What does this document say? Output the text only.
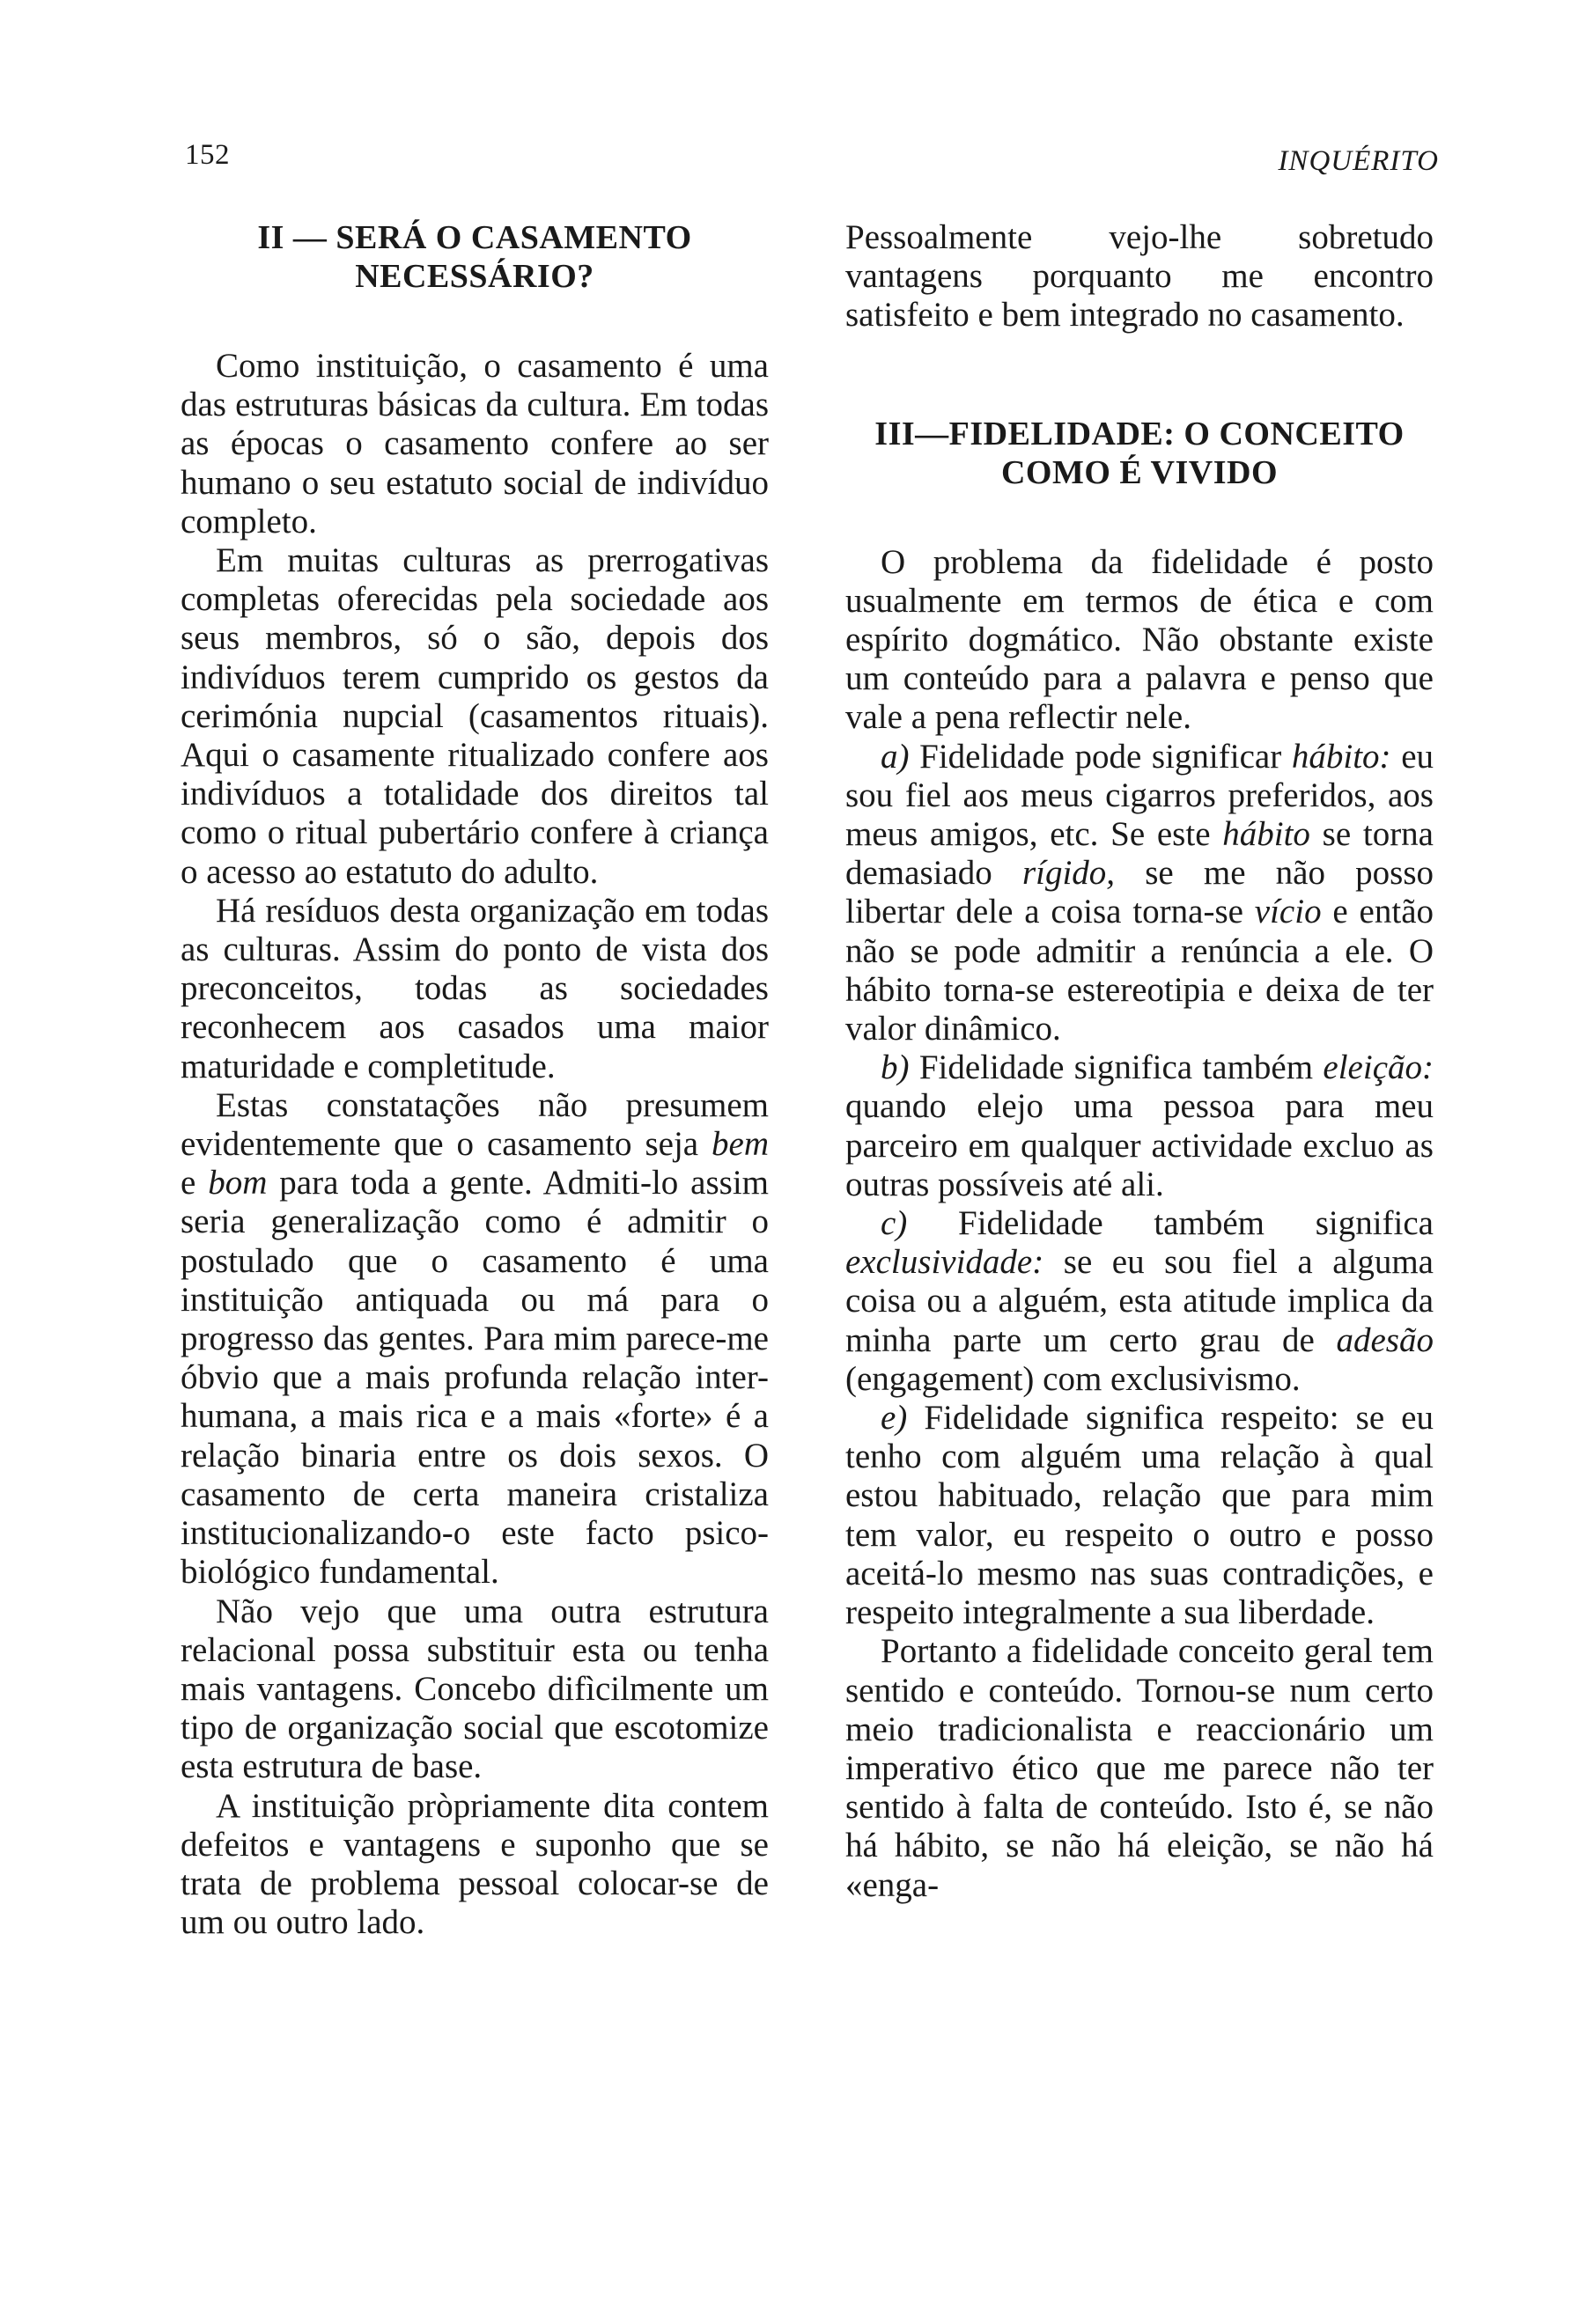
152	INQUÉRITO
II — SERÁ O CASAMENTO
NECESSÁRIO?

Como instituição, o casamento é uma das estruturas básicas da cultura. Em todas as épocas o casamento confere ao ser humano o seu estatuto social de indivíduo completo.

Em muitas culturas as prerrogativas completas oferecidas pela sociedade aos seus membros, só o são, depois dos indivíduos terem cumprido os gestos da cerimónia nupcial (casamentos rituais). Aqui o casamente ritualizado confere aos indivíduos a totalidade dos direitos tal como o ritual pubertário confere à criança o acesso ao estatuto do adulto.

Há resíduos desta organização em todas as culturas. Assim do ponto de vista dos preconceitos, todas as sociedades reconhecem aos casados uma maior maturidade e completitude.

Estas constatações não presumem evidentemente que o casamento seja bem e bom para toda a gente. Admiti-lo assim seria generalização como é admitir o postulado que o casamento é uma instituição antiquada ou má para o progresso das gentes. Para mim parece-me óbvio que a mais profunda relação inter-humana, a mais rica e a mais «forte» é a relação binaria entre os dois sexos. O casamento de certa maneira cristaliza institucionalizando-o este facto psico-biológico fundamental.

Não vejo que uma outra estrutura relacional possa substituir esta ou tenha mais vantagens. Concebo difìcilmente um tipo de organização social que escotomize esta estrutura de base.

A instituição pròpriamente dita contem defeitos e vantagens e suponho que se trata de problema pessoal colocar-se de um ou outro lado.

Pessoalmente vejo-lhe sobretudo vantagens porquanto me encontro satisfeito e bem integrado no casamento.

III—FIDELIDADE: O CONCEITO
COMO É VIVIDO

O problema da fidelidade é posto usualmente em termos de ética e com espírito dogmático. Não obstante existe um conteúdo para a palavra e penso que vale a pena reflectir nele.

a) Fidelidade pode significar hábito: eu sou fiel aos meus cigarros preferidos, aos meus amigos, etc. Se este hábito se torna demasiado rígido, se me não posso libertar dele a coisa torna-se vício e então não se pode admitir a renúncia a ele. O hábito torna-se estereotipia e deixa de ter valor dinâmico.

b) Fidelidade significa também eleição: quando elejo uma pessoa para meu parceiro em qualquer actividade excluo as outras possíveis até ali.

c) Fidelidade também significa exclusividade: se eu sou fiel a alguma coisa ou a alguém, esta atitude implica da minha parte um certo grau de adesão (engagement) com exclusivismo.

e) Fidelidade significa respeito: se eu tenho com alguém uma relação à qual estou habituado, relação que para mim tem valor, eu respeito o outro e posso aceitá-lo mesmo nas suas contradições, e respeito integralmente a sua liberdade.

Portanto a fidelidade conceito geral tem sentido e conteúdo. Tornou-se num certo meio tradicionalista e reaccionário um imperativo ético que me parece não ter sentido à falta de conteúdo. Isto é, se não há hábito, se não há eleição, se não há «enga-
